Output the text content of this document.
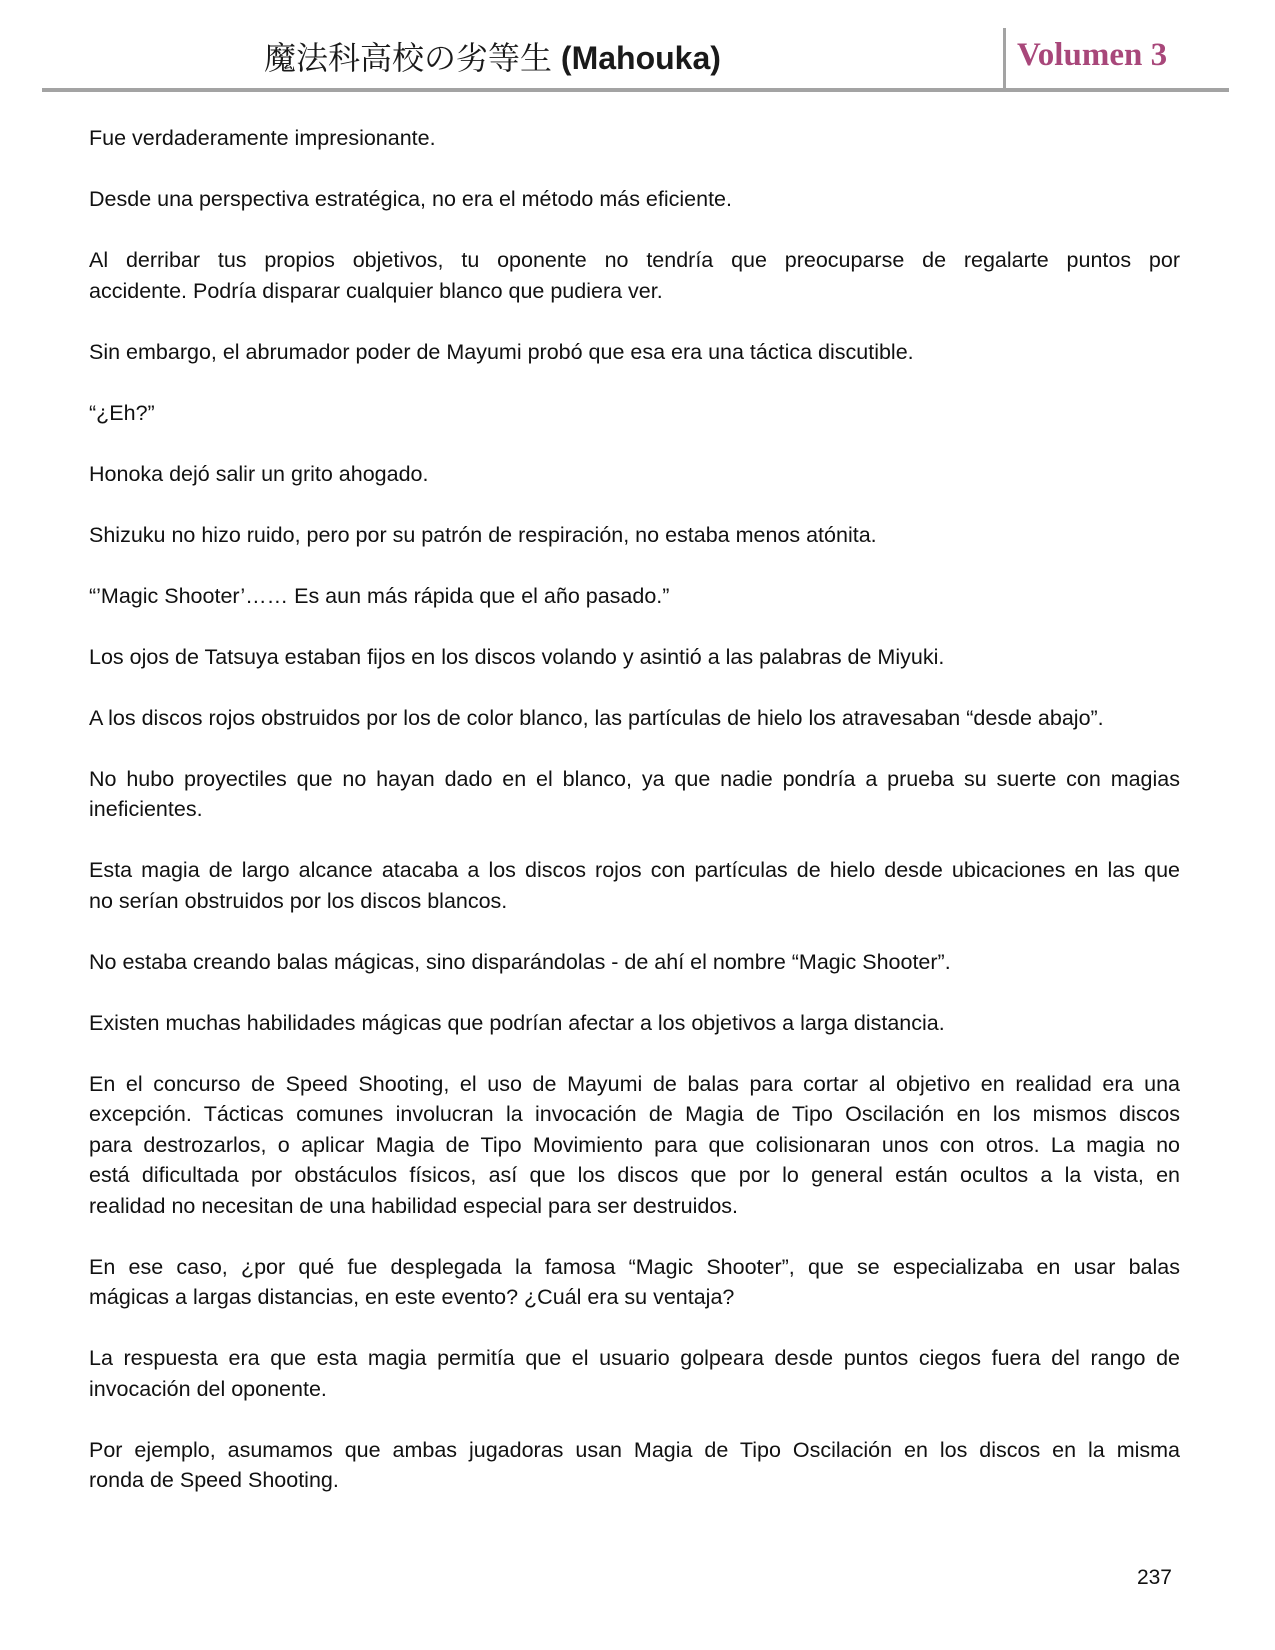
魔法科高校の劣等生 (Mahouka)	Volumen 3
Fue verdaderamente impresionante.
Desde una perspectiva estratégica, no era el método más eficiente.
Al derribar tus propios objetivos, tu oponente no tendría que preocuparse de regalarte puntos por
accidente. Podría disparar cualquier blanco que pudiera ver.
Sin embargo, el abrumador poder de Mayumi probó que esa era una táctica discutible.
“¿Eh?”
Honoka dejó salir un grito ahogado.
Shizuku no hizo ruido, pero por su patrón de respiración, no estaba menos atónita.
“’Magic Shooter’…… Es aun más rápida que el año pasado.”
Los ojos de Tatsuya estaban fijos en los discos volando y asintió a las palabras de Miyuki.
A los discos rojos obstruidos por los de color blanco, las partículas de hielo los atravesaban “desde abajo”.
No hubo proyectiles que no hayan dado en el blanco, ya que nadie pondría a prueba su suerte con magias
ineficientes.
Esta magia de largo alcance atacaba a los discos rojos con partículas de hielo desde ubicaciones en las que
no serían obstruidos por los discos blancos.
No estaba creando balas mágicas, sino disparándolas - de ahí el nombre “Magic Shooter”.
Existen muchas habilidades mágicas que podrían afectar a los objetivos a larga distancia.
En el concurso de Speed Shooting, el uso de Mayumi de balas para cortar al objetivo en realidad era una
excepción. Tácticas comunes involucran la invocación de Magia de Tipo Oscilación en los mismos discos
para destrozarlos, o aplicar Magia de Tipo Movimiento para que colisionaran unos con otros. La magia no
está dificultada por obstáculos físicos, así que los discos que por lo general están ocultos a la vista, en
realidad no necesitan de una habilidad especial para ser destruidos.
En ese caso, ¿por qué fue desplegada la famosa “Magic Shooter”, que se especializaba en usar balas
mágicas a largas distancias, en este evento? ¿Cuál era su ventaja?
La respuesta era que esta magia permitía que el usuario golpeara desde puntos ciegos fuera del rango de
invocación del oponente.
Por ejemplo, asumamos que ambas jugadoras usan Magia de Tipo Oscilación en los discos en la misma
ronda de Speed Shooting.
237
